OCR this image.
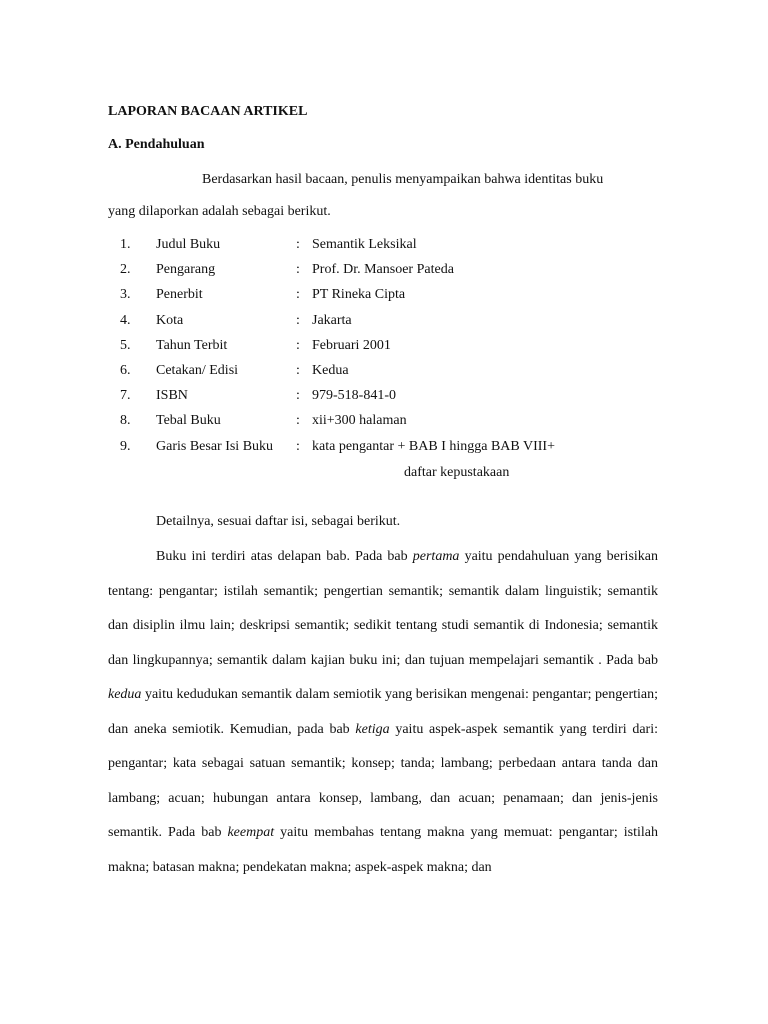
LAPORAN BACAAN ARTIKEL
A. Pendahuluan
Berdasarkan hasil bacaan, penulis menyampaikan bahwa identitas buku
yang dilaporkan adalah sebagai berikut.
1. Judul Buku	: Semantik Leksikal
2. Pengarang	: Prof. Dr. Mansoer Pateda
3. Penerbit	: PT Rineka Cipta
4. Kota	: Jakarta
5. Tahun Terbit	: Februari 2001
6. Cetakan/ Edisi	: Kedua
7. ISBN	: 979-518-841-0
8. Tebal Buku	: xii+300 halaman
9. Garis Besar Isi Buku : kata pengantar + BAB I hingga BAB VIII+
daftar kepustakaan
Detailnya, sesuai daftar isi, sebagai berikut.
Buku ini terdiri atas delapan bab. Pada bab pertama yaitu pendahuluan yang berisikan tentang: pengantar; istilah semantik; pengertian semantik; semantik dalam linguistik; semantik dan disiplin ilmu lain; deskripsi semantik; sedikit tentang studi semantik di Indonesia; semantik dan lingkupannya; semantik dalam kajian buku ini; dan tujuan mempelajari semantik . Pada bab kedua yaitu kedudukan semantik dalam semiotik yang berisikan mengenai: pengantar; pengertian; dan aneka semiotik. Kemudian, pada bab ketiga yaitu aspek-aspek semantik yang terdiri dari: pengantar; kata sebagai satuan semantik; konsep; tanda; lambang; perbedaan antara tanda dan lambang; acuan; hubungan antara konsep, lambang, dan acuan; penamaan; dan jenis-jenis semantik. Pada bab keempat yaitu membahas tentang makna yang memuat: pengantar; istilah makna; batasan makna; pendekatan makna; aspek-aspek makna; dan
